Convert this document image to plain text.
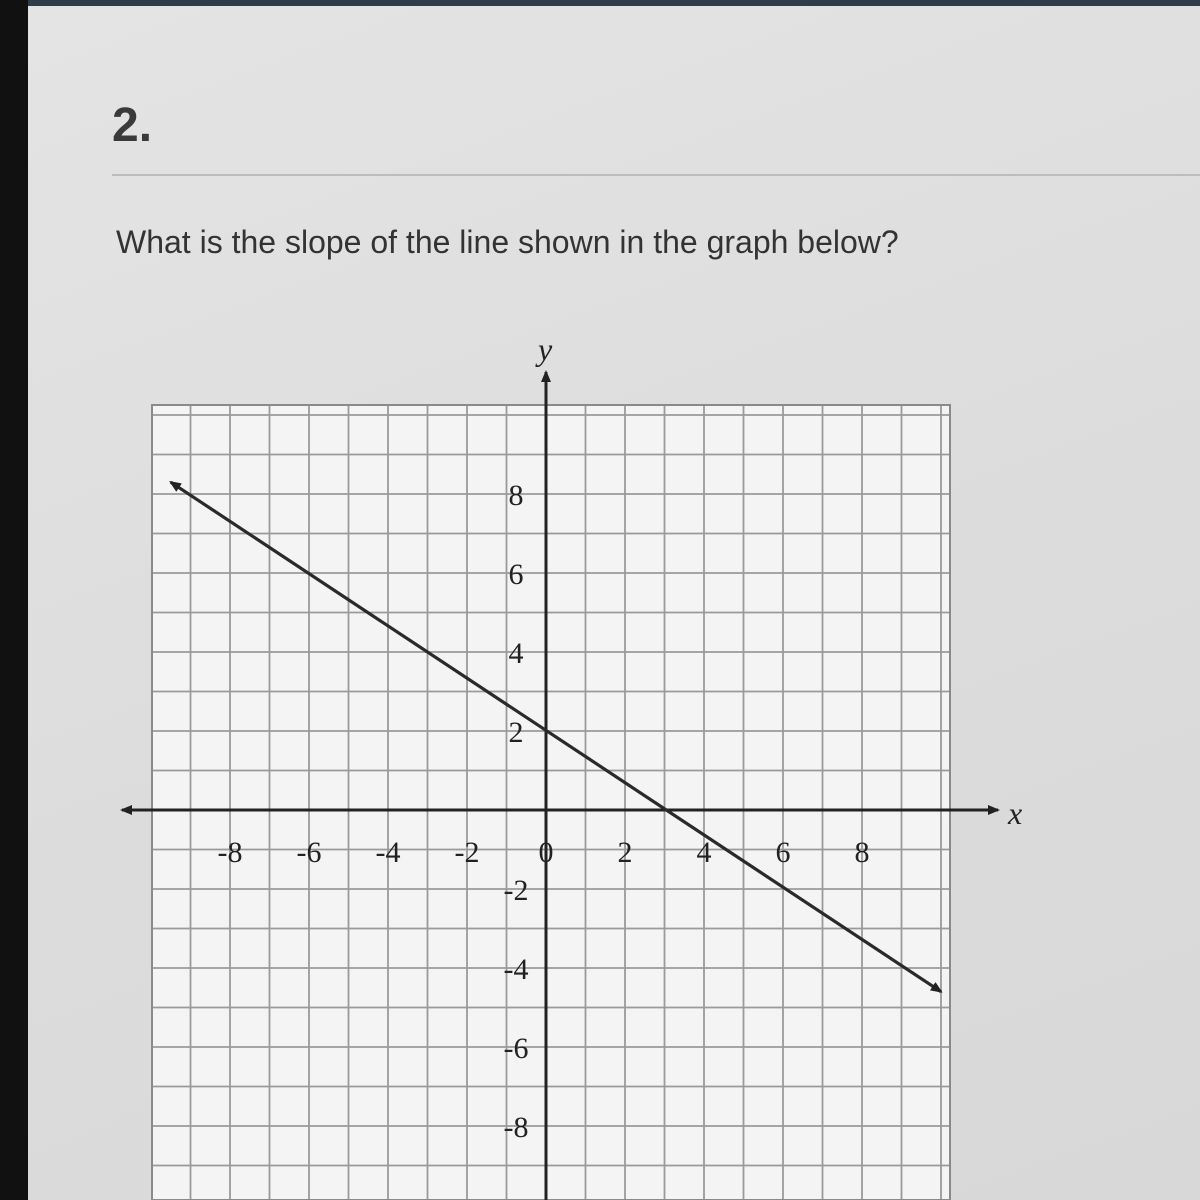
2.

What is the slope of the line shown in the graph below?

x
y
-8 -6 -4 -2 0 2 4 6 8
8
6
4
2
-2
-4
-6
-8
